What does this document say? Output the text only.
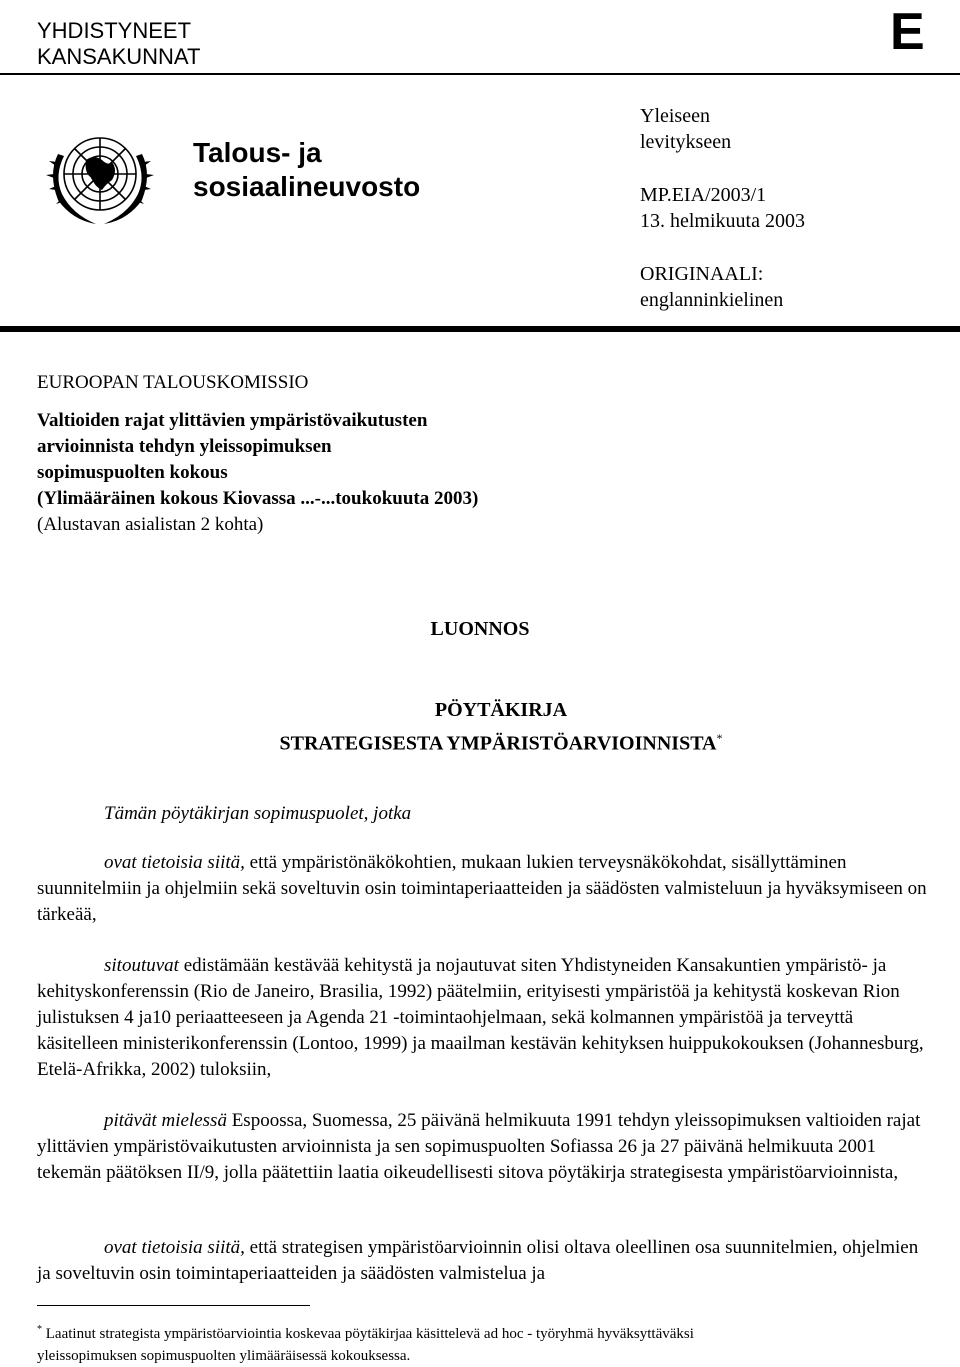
YHDISTYNEET
KANSAKUNNAT	E
Talous- ja
sosiaalineuvosto
Yleiseen
levitykseen
MP.EIA/2003/1
13. helmikuuta 2003
ORIGINAALI:
englanninkielinen
EUROOPAN TALOUSKOMISSIO
Valtioiden rajat ylittävien ympäristövaikutusten
arvioinnista tehdyn yleissopimuksen
sopimuspuolten kokous
(Ylimääräinen kokous Kiovassa ...-...toukokuuta 2003)
(Alustavan asialistan 2 kohta)
LUONNOS
PÖYTÄKIRJA
STRATEGISESTA YMPÄRISTÖARVIOINNISTA*

Tämän pöytäkirjan sopimuspuolet, jotka

ovat tietoisia siitä, että ympäristönäkökohtien, mukaan lukien terveysnäkökohdat, sisällyttäminen suunnitelmiin ja ohjelmiin sekä soveltuvin osin toimintaperiaatteiden ja säädösten valmisteluun ja hyväksymiseen on tärkeää,

sitoutuvat edistämään kestävää kehitystä ja nojautuvat siten Yhdistyneiden Kansakuntien ympäristö- ja kehityskonferenssin (Rio de Janeiro, Brasilia, 1992) päätelmiin, erityisesti ympäristöä ja kehitystä koskevan Rion julistuksen 4 ja10 periaatteeseen ja Agenda 21 -toimintaohjelmaan, sekä kolmannen ympäristöä ja terveyttä käsitelleen ministerikonferenssin (Lontoo, 1999) ja maailman kestävän kehityksen huippukokouksen (Johannesburg, Etelä-Afrikka, 2002) tuloksiin,

pitävät mielessä Espoossa, Suomessa, 25 päivänä helmikuuta 1991 tehdyn yleissopimuksen valtioiden rajat ylittävien ympäristövaikutusten arvioinnista ja sen sopimuspuolten Sofiassa 26 ja 27 päivänä helmikuuta 2001 tekemän päätöksen II/9, jolla päätettiin laatia oikeudellisesti sitova pöytäkirja strategisesta ympäristöarvioinnista,

ovat tietoisia siitä, että strategisen ympäristöarvioinnin olisi oltava oleellinen osa suunnitelmien, ohjelmien ja soveltuvin osin toimintaperiaatteiden ja säädösten valmistelua ja

* Laatinut strategista ympäristöarviointia koskevaa pöytäkirjaa käsittelevä ad hoc - työryhmä hyväksyttäväksi
yleissopimuksen sopimuspuolten ylimääräisessä kokouksessa.
